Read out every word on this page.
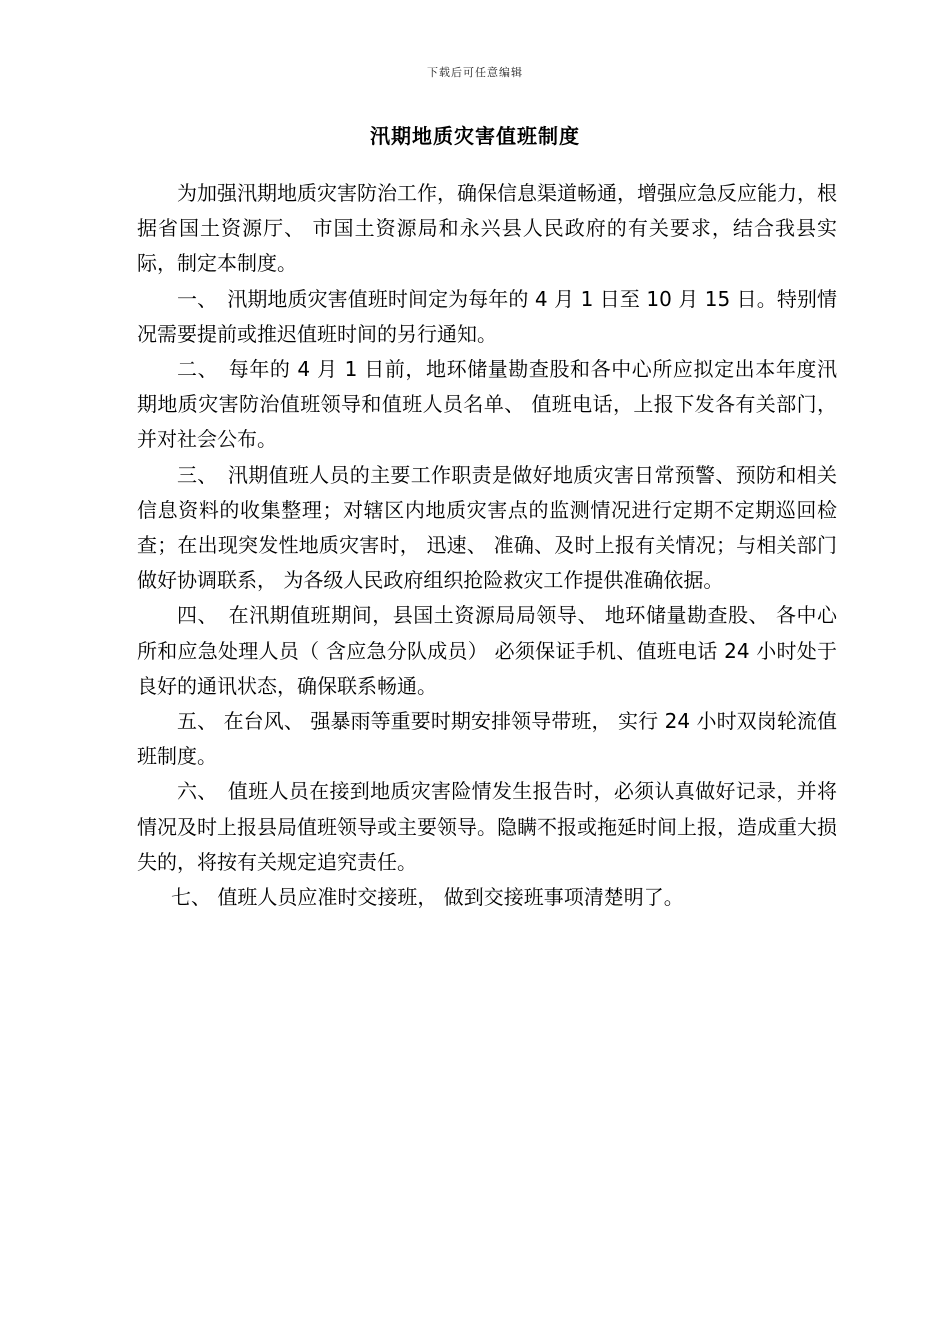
下载后可任意编辑
汛期地质灾害值班制度

为加强汛期地质灾害防治工作，确保信息渠道畅通，增强应急反应能力，根据省国土资源厅、 市国土资源局和永兴县人民政府的有关要求，结合我县实际，制定本制度。

一、　汛期地质灾害值班时间定为每年的 4 月 1 日至 10 月 15 日。特别情况需要提前或推迟值班时间的另行通知。

二、　每年的 4 月 1 日前，地环储量勘查股和各中心所应拟定出本年度汛期地质灾害防治值班领导和值班人员名单、 值班电话，上报下发各有关部门，并对社会公布。

三、　汛期值班人员的主要工作职责是做好地质灾害日常预警、预防和相关信息资料的收集整理；对辖区内地质灾害点的监测情况进行定期不定期巡回检查；在出现突发性地质灾害时， 迅速、 准确、及时上报有关情况；与相关部门做好协调联系， 为各级人民政府组织抢险救灾工作提供准确依据。

四、　在汛期值班期间，县国土资源局局领导、 地环储量勘查股、 各中心所和应急处理人员（ 含应急分队成员） 必须保证手机、值班电话 24 小时处于良好的通讯状态，确保联系畅通。

五、 在台风、 强暴雨等重要时期安排领导带班， 实行 24 小时双岗轮流值班制度。

六、　值班人员在接到地质灾害险情发生报告时，必须认真做好记录，并将情况及时上报县局值班领导或主要领导。隐瞒不报或拖延时间上报，造成重大损失的，将按有关规定追究责任。

七、 值班人员应准时交接班， 做到交接班事项清楚明了。
